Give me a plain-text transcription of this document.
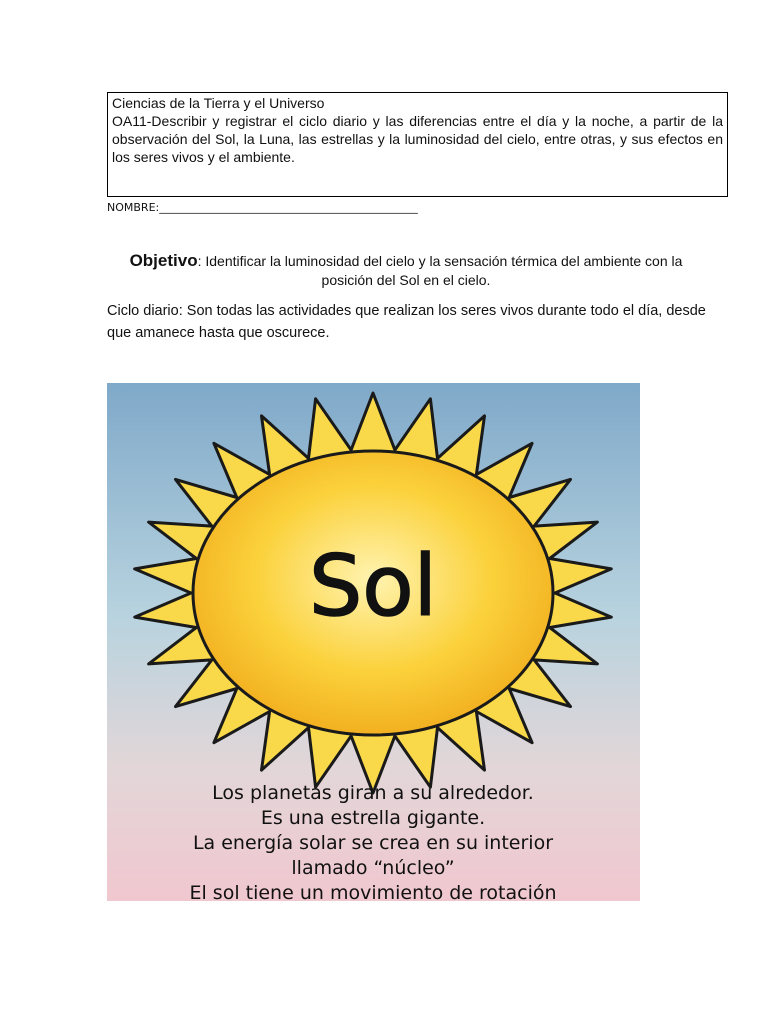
Ciencias de la Tierra y el Universo
OA11-Describir y registrar el ciclo diario y las diferencias entre el día y la noche, a partir de la observación del Sol, la Luna, las estrellas y la luminosidad del cielo, entre otras, y sus efectos en los seres vivos y el ambiente.
NOMBRE:_______________________________________________
Objetivo: Identificar la luminosidad del cielo y la sensación térmica del ambiente con la posición del Sol en el cielo.
Ciclo diario: Son todas las actividades que realizan los seres vivos durante todo el día, desde que amanece hasta que oscurece.
Sol
Los planetas giran a su alrededor.
Es una estrella gigante.
La energía solar se crea en su interior
llamado “núcleo”
El sol tiene un movimiento de rotación
